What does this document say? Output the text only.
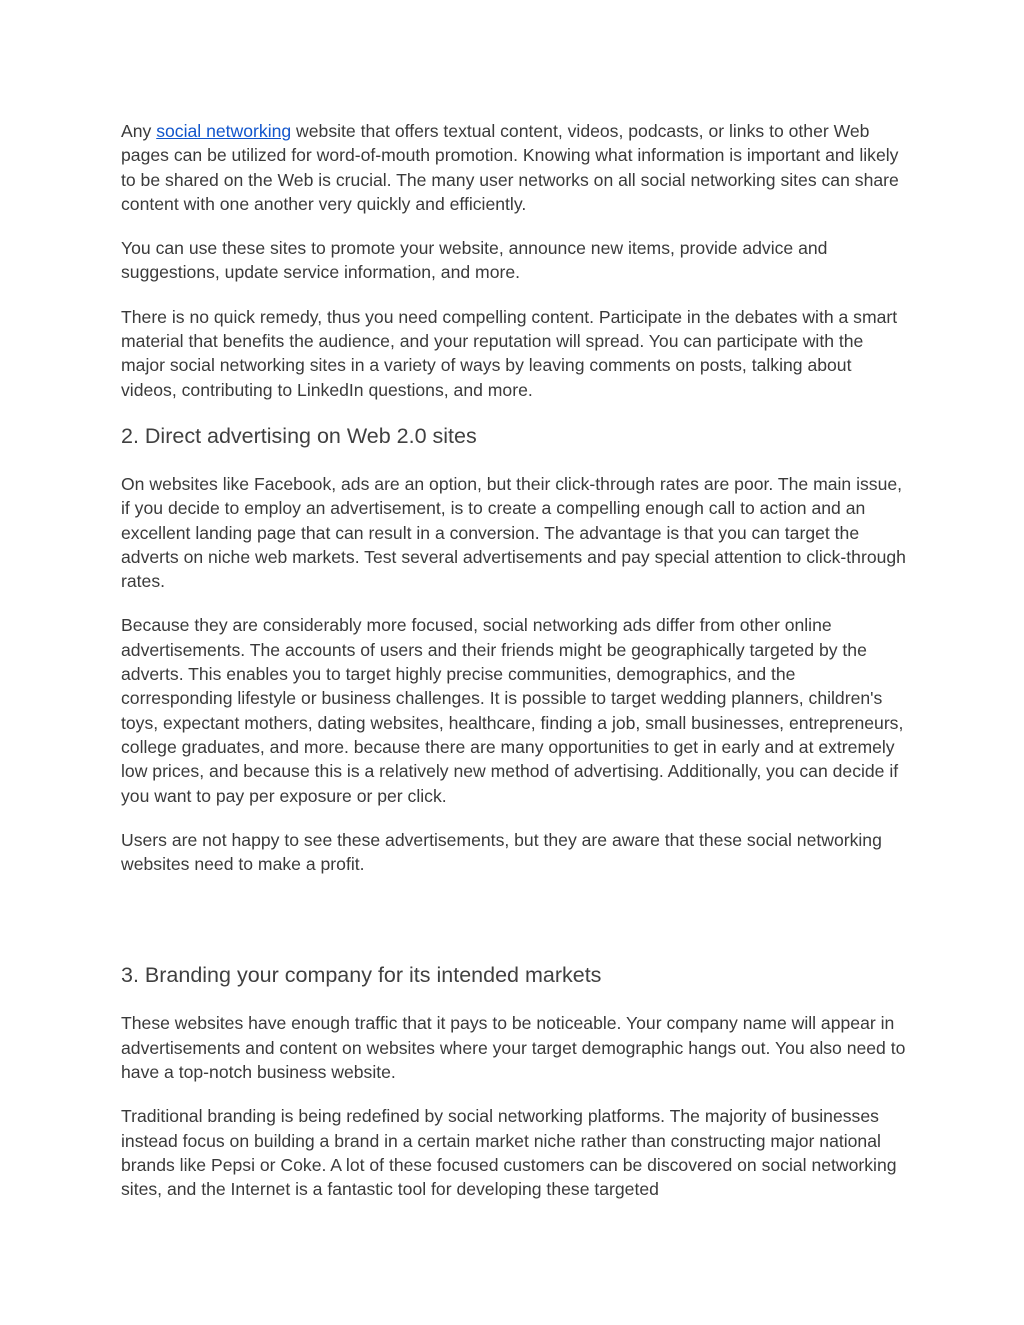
Any social networking website that offers textual content, videos, podcasts, or links to other Web pages can be utilized for word-of-mouth promotion. Knowing what information is important and likely to be shared on the Web is crucial. The many user networks on all social networking sites can share content with one another very quickly and efficiently.

You can use these sites to promote your website, announce new items, provide advice and suggestions, update service information, and more.

There is no quick remedy, thus you need compelling content. Participate in the debates with a smart material that benefits the audience, and your reputation will spread. You can participate with the major social networking sites in a variety of ways by leaving comments on posts, talking about videos, contributing to LinkedIn questions, and more.

2. Direct advertising on Web 2.0 sites

On websites like Facebook, ads are an option, but their click-through rates are poor. The main issue, if you decide to employ an advertisement, is to create a compelling enough call to action and an excellent landing page that can result in a conversion. The advantage is that you can target the adverts on niche web markets. Test several advertisements and pay special attention to click-through rates.

Because they are considerably more focused, social networking ads differ from other online advertisements. The accounts of users and their friends might be geographically targeted by the adverts. This enables you to target highly precise communities, demographics, and the corresponding lifestyle or business challenges. It is possible to target wedding planners, children's toys, expectant mothers, dating websites, healthcare, finding a job, small businesses, entrepreneurs, college graduates, and more. because there are many opportunities to get in early and at extremely low prices, and because this is a relatively new method of advertising. Additionally, you can decide if you want to pay per exposure or per click.

Users are not happy to see these advertisements, but they are aware that these social networking websites need to make a profit.

3. Branding your company for its intended markets

These websites have enough traffic that it pays to be noticeable. Your company name will appear in advertisements and content on websites where your target demographic hangs out. You also need to have a top-notch business website.

Traditional branding is being redefined by social networking platforms. The majority of businesses instead focus on building a brand in a certain market niche rather than constructing major national brands like Pepsi or Coke. A lot of these focused customers can be discovered on social networking sites, and the Internet is a fantastic tool for developing these targeted
